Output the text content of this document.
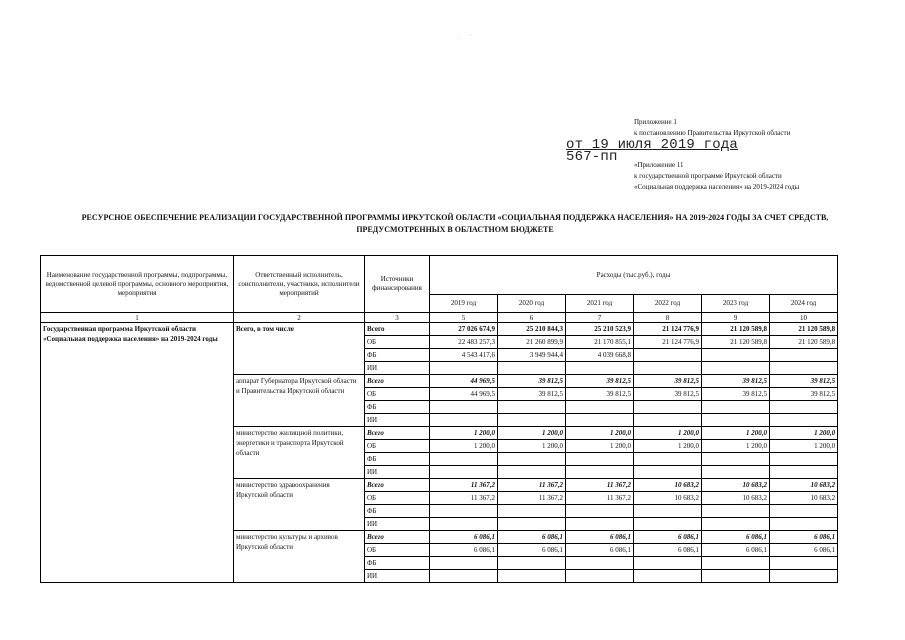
Приложение 1
к постановлению Правительства Иркутской области
от 19 июля 2019 года
567-пп	«Приложение 11
к государственной программе Иркутской области
«Социальная поддержка населения» на 2019-2024 годы
РЕСУРСНОЕ ОБЕСПЕЧЕНИЕ РЕАЛИЗАЦИИ ГОСУДАРСТВЕННОЙ ПРОГРАММЫ ИРКУТСКОЙ ОБЛАСТИ «СОЦИАЛЬНАЯ ПОДДЕРЖКА НАСЕЛЕНИЯ» НА 2019-2024 ГОДЫ ЗА СЧЕТ СРЕДСТВ,
ПРЕДУСМОТРЕННЫХ В ОБЛАСТНОМ БЮДЖЕТЕ
· ·
Наименование государственной программы, подпрограммы, ведомственной целевой программы, основного мероприятия, мероприятия	Ответственный исполнитель, соисполнители, участники, исполнители мероприятий	Источники финансирования	Расходы (тыс.руб.), годы					
			2019 год	2020 год	2021 год	2022 год	2023 год	2024 год
1	2	3	5	6	7	8	9	10
Государственная программа Иркутской области «Социальная поддержка населения» на 2019-2024 годы	Всего, в том числе	Всего	27 026 674,9	25 210 844,3	25 210 523,9	21 124 776,9	21 120 589,8	21 120 589,8
		ОБ	22 483 257,3	21 260 899,9	21 170 855,1	21 124 776,9	21 120 589,8	21 120 589,8
		ФБ	4 543 417,6	3 949 944,4	4 039 668,8			
		ИИ						
	аппарат Губернатора Иркутской области и Правительства Иркутской области	Всего	44 969,5	39 812,5	39 812,5	39 812,5	39 812,5	39 812,5
		ОБ	44 969,5	39 812,5	39 812,5	39 812,5	39 812,5	39 812,5
		ФБ						
		ИИ						
	министерство жилищной политики, энергетики и транспорта Иркутской области	Всего	1 200,0	1 200,0	1 200,0	1 200,0	1 200,0	1 200,0
		ОБ	1 200,0	1 200,0	1 200,0	1 200,0	1 200,0	1 200,0
		ФБ						
		ИИ						
	министерство здравоохранения Иркутской области	Всего	11 367,2	11 367,2	11 367,2	10 683,2	10 683,2	10 683,2
		ОБ	11 367,2	11 367,2	11 367,2	10 683,2	10 683,2	10 683,2
		ФБ						
		ИИ						
	министерство культуры и архивов Иркутской области	Всего	6 086,1	6 086,1	6 086,1	6 086,1	6 086,1	6 086,1
		ОБ	6 086,1	6 086,1	6 086,1	6 086,1	6 086,1	6 086,1
		ФБ						
		ИИ						
